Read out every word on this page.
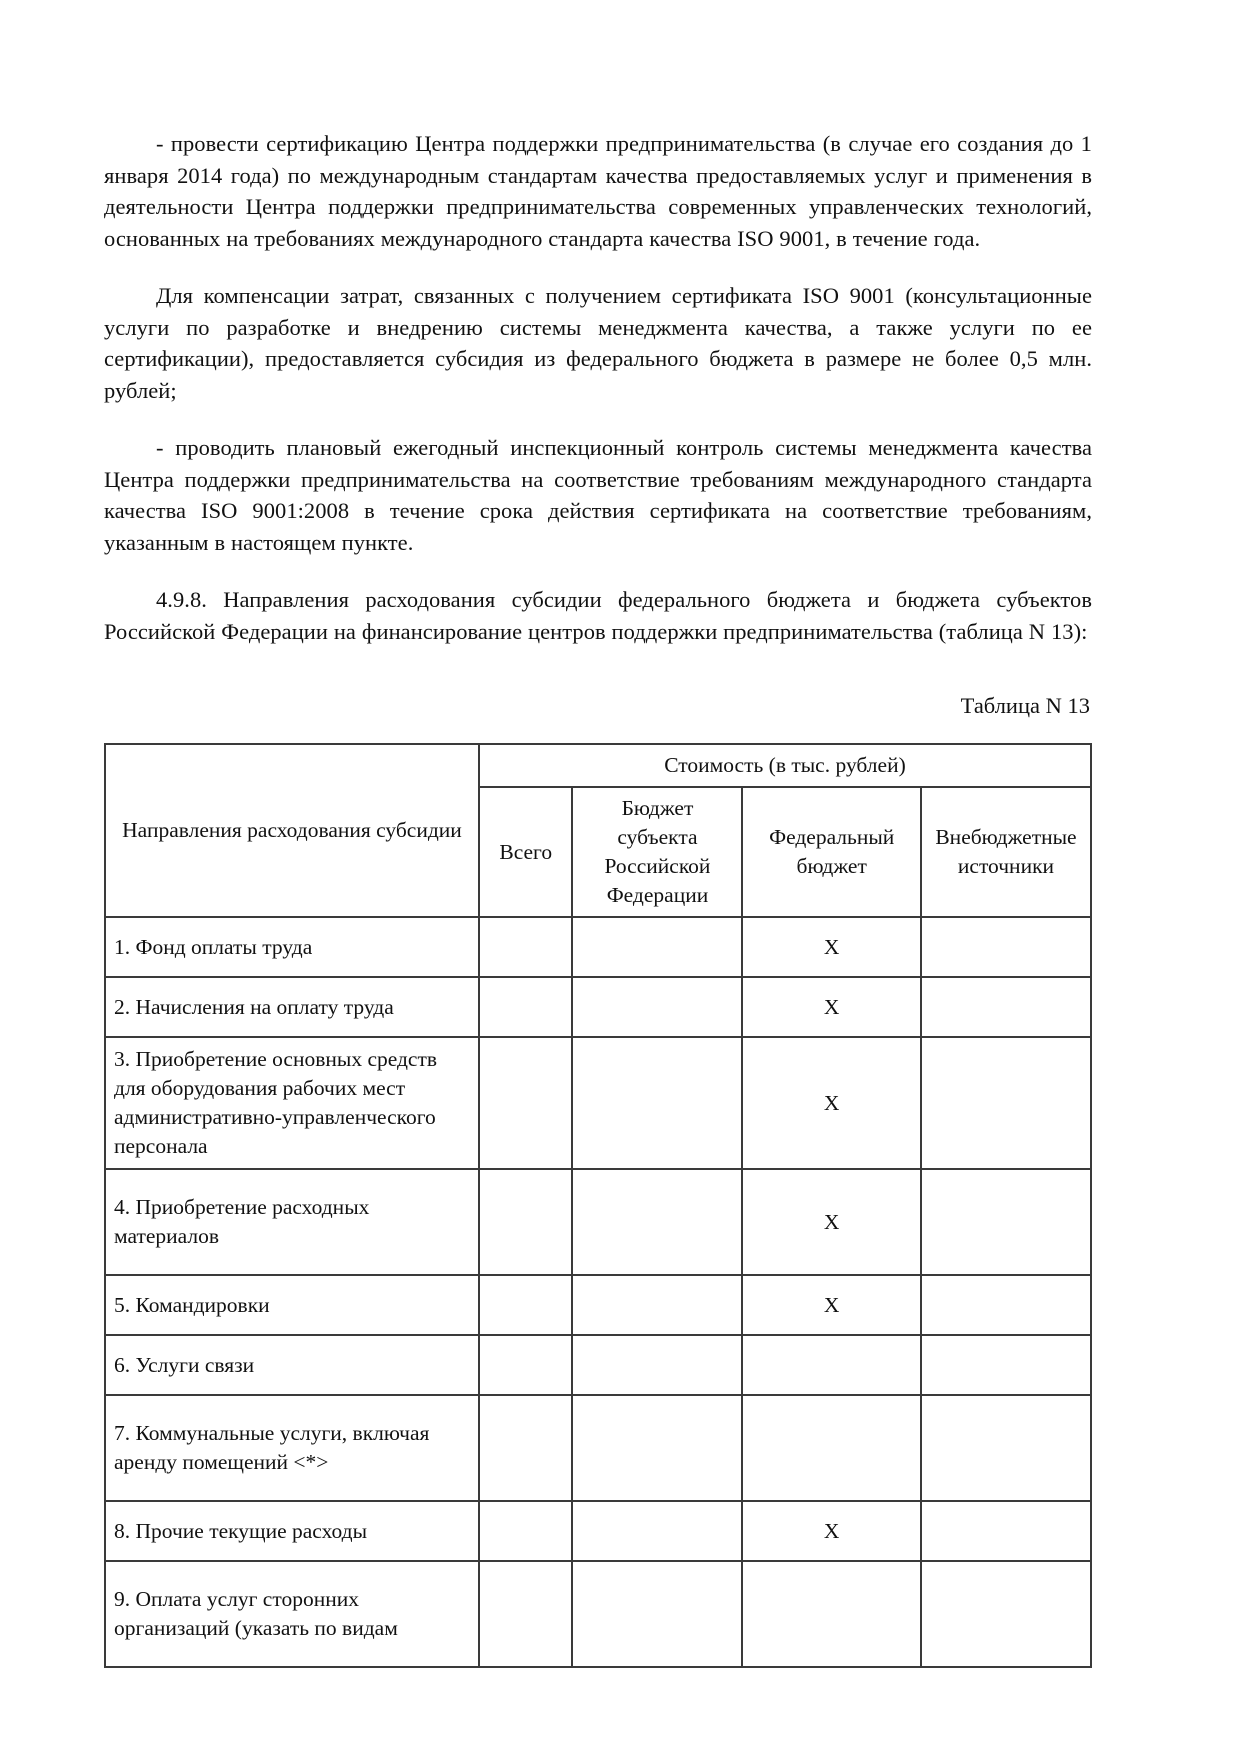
- провести сертификацию Центра поддержки предпринимательства (в случае его создания до 1 января 2014 года) по международным стандартам качества предоставляемых услуг и применения в деятельности Центра поддержки предпринимательства современных управленческих технологий, основанных на требованиях международного стандарта качества ISO 9001, в течение года.

Для компенсации затрат, связанных с получением сертификата ISO 9001 (консультационные услуги по разработке и внедрению системы менеджмента качества, а также услуги по ее сертификации), предоставляется субсидия из федерального бюджета в размере не более 0,5 млн. рублей;

- проводить плановый ежегодный инспекционный контроль системы менеджмента качества Центра поддержки предпринимательства на соответствие требованиям международного стандарта качества ISO 9001:2008 в течение срока действия сертификата на соответствие требованиям, указанным в настоящем пункте.

4.9.8. Направления расходования субсидии федерального бюджета и бюджета субъектов Российской Федерации на финансирование центров поддержки предпринимательства (таблица N 13):

Таблица N 13
Направления расходования субсидии	Стоимость (в тыс. рублей)			
	Всего	Бюджет субъекта Российской Федерации	Федеральный бюджет	Внебюджетные источники
1. Фонд оплаты труда			X	
2. Начисления на оплату труда			X	
3. Приобретение основных средств для оборудования рабочих мест административно-управленческого персонала			X	
4. Приобретение расходных материалов			X	
5. Командировки			X	
6. Услуги связи				
7. Коммунальные услуги, включая аренду помещений <*>				
8. Прочие текущие расходы			X	
9. Оплата услуг сторонних организаций (указать по видам				
